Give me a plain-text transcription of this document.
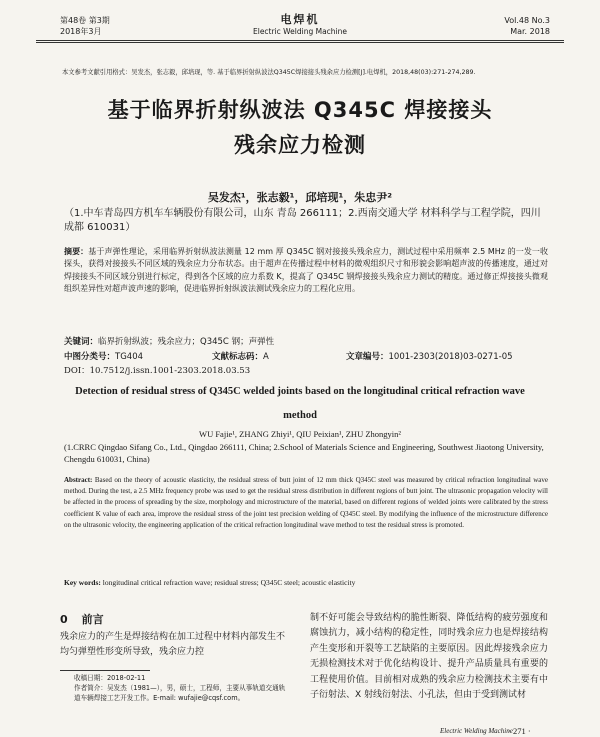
第48卷 第3期
2018年3月
电焊机
Electric Welding Machine
Vol.48 No.3
Mar. 2018
本文参考文献引用格式：吴发杰，张志毅，邱培现，等. 基于临界折射纵波法Q345C焊接接头残余应力检测[J].电焊机，2018,48(03):271-274,289.
基于临界折射纵波法 Q345C 焊接接头
残余应力检测
吴发杰¹，张志毅¹，邱培现¹，朱忠尹²
（1.中车青岛四方机车车辆股份有限公司，山东 青岛 266111；2.西南交通大学 材料科学与工程学院，四川 成都 610031）
摘要：基于声弹性理论，采用临界折射纵波法测量 12 mm 厚 Q345C 钢对接接头残余应力，测试过程中采用频率 2.5 MHz 的一发一收探头，获得对接接头不同区域的残余应力分布状态。由于超声在传播过程中材料的微观组织尺寸和形貌会影响超声波的传播速度，通过对焊接接头不同区域分别进行标定，得到各个区域的应力系数 K，提高了 Q345C 钢焊接接头残余应力测试的精度。通过修正焊接接头微观组织差异性对超声波声速的影响，促进临界折射纵波法测试残余应力的工程化应用。
关键词：临界折射纵波；残余应力；Q345C 钢；声弹性
中图分类号：TG404	文献标志码：A	文章编号：1001-2303(2018)03-0271-05
DOI：10.7512/j.issn.1001-2303.2018.03.53
Detection of residual stress of Q345C welded joints based on the longitudinal critical refraction wave method
WU Fajie¹, ZHANG Zhiyi¹, QIU Peixian¹, ZHU Zhongyin²
(1.CRRC Qingdao Sifang Co., Ltd., Qingdao 266111, China; 2.School of Materials Science and Engineering, Southwest Jiaotong University, Chengdu 610031, China)
Abstract: Based on the theory of acoustic elasticity, the residual stress of butt joint of 12 mm thick Q345C steel was measured by critical refraction longitudinal wave method. During the test, a 2.5 MHz frequency probe was used to get the residual stress distribution in different regions of butt joint. The ultrasonic propagation velocity will be affected in the process of spreading by the size, morphology and microstructure of the material, based on different regions of welded joints were calibrated by the stress coefficient K value of each area, improve the residual stress of the joint test precision welding of Q345C steel. By modifying the influence of the microstructure difference on the ultrasonic velocity, the engineering application of the critical refraction longitudinal wave method to test the residual stress is promoted.
Key words: longitudinal critical refraction wave; residual stress; Q345C steel; acoustic elasticity
0 前言
残余应力的产生是焊接结构在加工过程中材料内部发生不均匀弹塑性形变所导致，残余应力控
收稿日期：2018-02-11
作者简介：吴发杰（1981—），男，硕士，工程师，主要从事轨道交通轨道车辆焊接工艺开发工作。E-mail: wufajie@cqsf.com。
制不好可能会导致结构的脆性断裂、降低结构的疲劳强度和腐蚀抗力，减小结构的稳定性，同时残余应力也是焊接结构产生变形和开裂等工艺缺陷的主要原因。因此焊接残余应力无损检测技术对于优化结构设计、提升产品质量具有重要的工程使用价值。目前相对成熟的残余应力检测技术主要有中子衍射法、X 射线衍射法、小孔法，但由于受到测试材
Electric Welding Machine
· 271 ·
